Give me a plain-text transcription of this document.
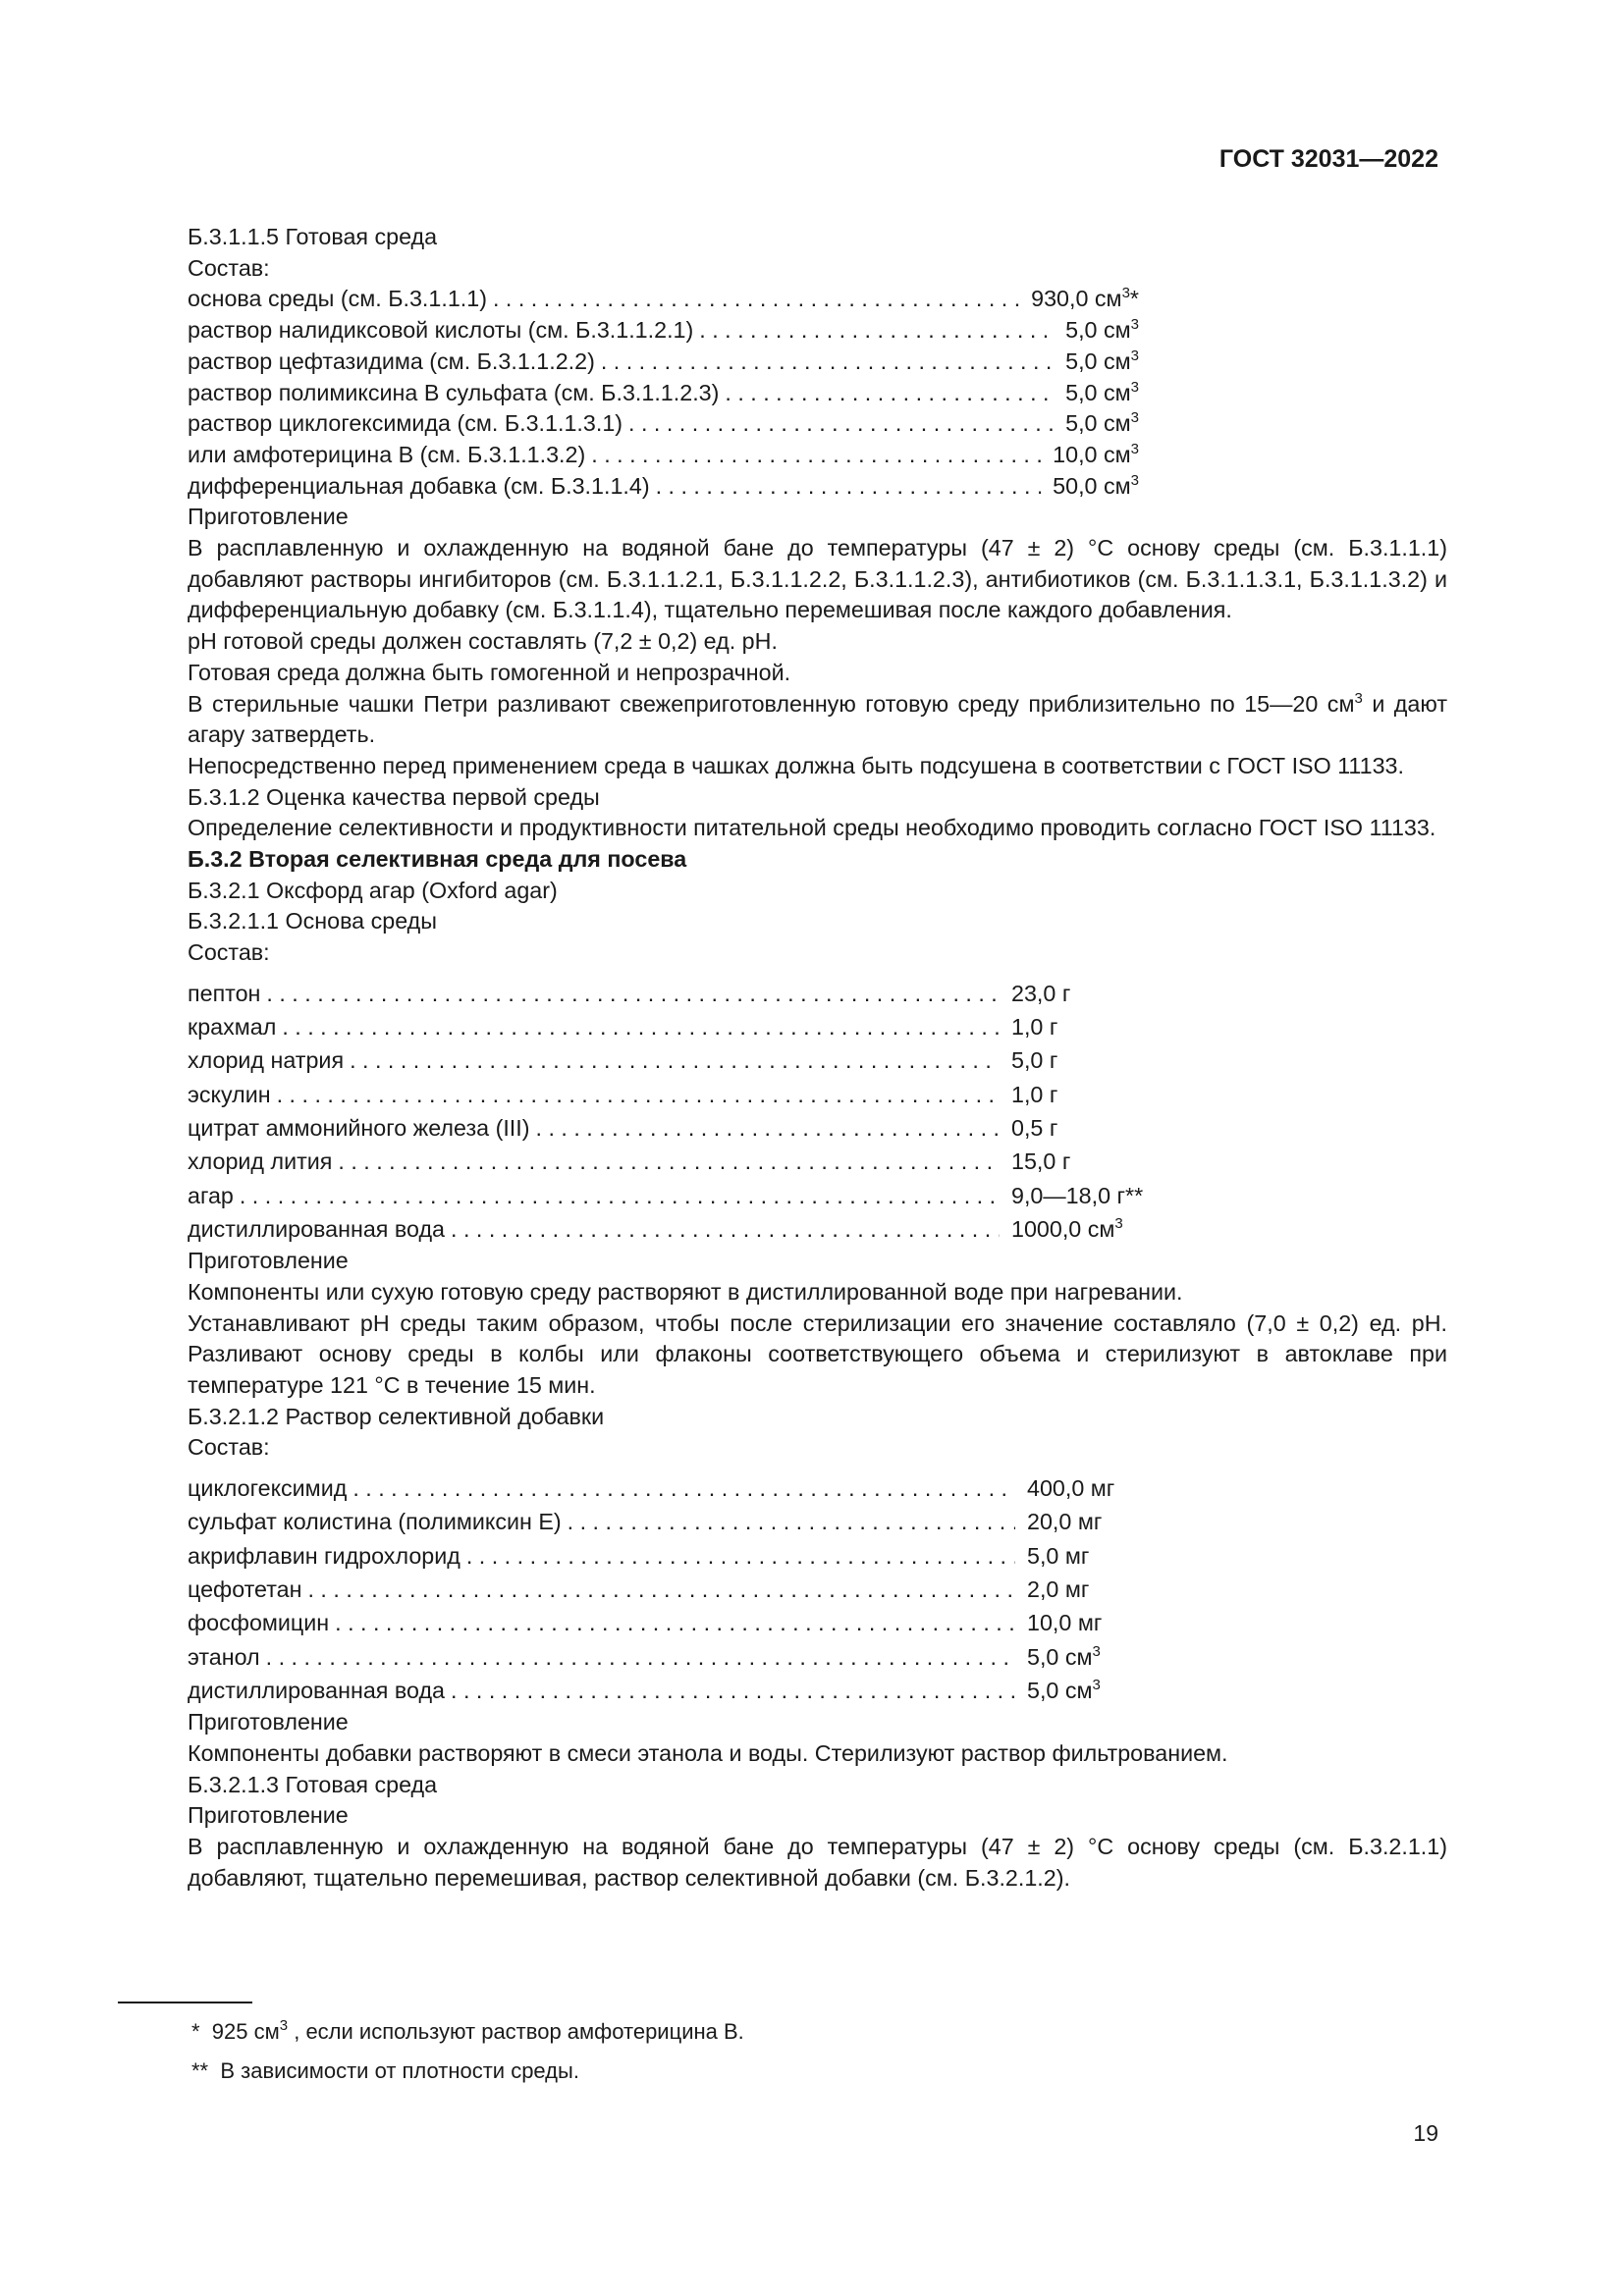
ГОСТ 32031—2022

Б.3.1.1.5 Готовая среда

Состав:

основа среды (см. Б.3.1.1.1) . . .	930,0 $см^3*$
раствор налидиксовой кислоты (см. Б.3.1.1.2.1) . . .	5,0 $см^3$
раствор цефтазидима (см. Б.3.1.1.2.2) . . .	5,0 $см^3$
раствор полимиксина В сульфата (см. Б.3.1.1.2.3) . . .	5,0 $см^3$
раствор циклогексимида (см. Б.3.1.1.3.1) . . .	5,0 $см^3$
или амфотерицина В (см. Б.3.1.1.3.2) . . .	10,0 $см^3$
дифференциальная добавка (см. Б.3.1.1.4) . . .	50,0 $см^3$

Приготовление

В расплавленную и охлажденную на водяной бане до температуры (47 ± 2) °С основу среды (см. Б.3.1.1.1) добавляют растворы ингибиторов (см. Б.3.1.1.2.1, Б.3.1.1.2.2, Б.3.1.1.2.3), антибиотиков (см. Б.3.1.1.3.1, Б.3.1.1.3.2) и дифференциальную добавку (см. Б.3.1.1.4), тщательно перемешивая после каждого добавления.

pH готовой среды должен составлять (7,2 ± 0,2) ед. pH.

Готовая среда должна быть гомогенной и непрозрачной.

В стерильные чашки Петри разливают свежеприготовленную готовую среду приблизительно по 15—20 $см^3$ и дают агару затвердеть.

Непосредственно перед применением среда в чашках должна быть подсушена в соответствии с ГОСТ ISO 11133.

Б.3.1.2 Оценка качества первой среды

Определение селективности и продуктивности питательной среды необходимо проводить согласно ГОСТ ISO 11133.

Б.3.2 Вторая селективная среда для посева

Б.3.2.1 Оксфорд агар (Oxford agar)

Б.3.2.1.1 Основа среды

Состав:

пептон . . .	23,0 г
крахмал . . .	1,0 г
хлорид натрия . . .	5,0 г
эскулин . . .	1,0 г
цитрат аммонийного железа (III) . . .	0,5 г
хлорид лития . . .	15,0 г
агар . . .	9,0—18,0 г**
дистиллированная вода . . .	1000,0 $см^3$

Приготовление

Компоненты или сухую готовую среду растворяют в дистиллированной воде при нагревании.

Устанавливают pH среды таким образом, чтобы после стерилизации его значение составляло (7,0 ± 0,2) ед. pH. Разливают основу среды в колбы или флаконы соответствующего объема и стерилизуют в автоклаве при температуре 121 °С в течение 15 мин.

Б.3.2.1.2 Раствор селективной добавки

Состав:

циклогексимид . . .	400,0 мг
сульфат колистина (полимиксин Е) . . .	20,0 мг
акрифлавин гидрохлорид . . .	5,0 мг
цефотетан . . .	2,0 мг
фосфомицин . . .	10,0 мг
этанол . . .	5,0 $см^3$
дистиллированная вода . . .	5,0 $см^3$

Приготовление

Компоненты добавки растворяют в смеси этанола и воды. Стерилизуют раствор фильтрованием.

Б.3.2.1.3 Готовая среда

Приготовление

В расплавленную и охлажденную на водяной бане до температуры (47 ± 2) °С основу среды (см. Б.3.2.1.1) добавляют, тщательно перемешивая, раствор селективной добавки (см. Б.3.2.1.2).

* 925 $см^3$ , если используют раствор амфотерицина В.

** В зависимости от плотности среды.

19
